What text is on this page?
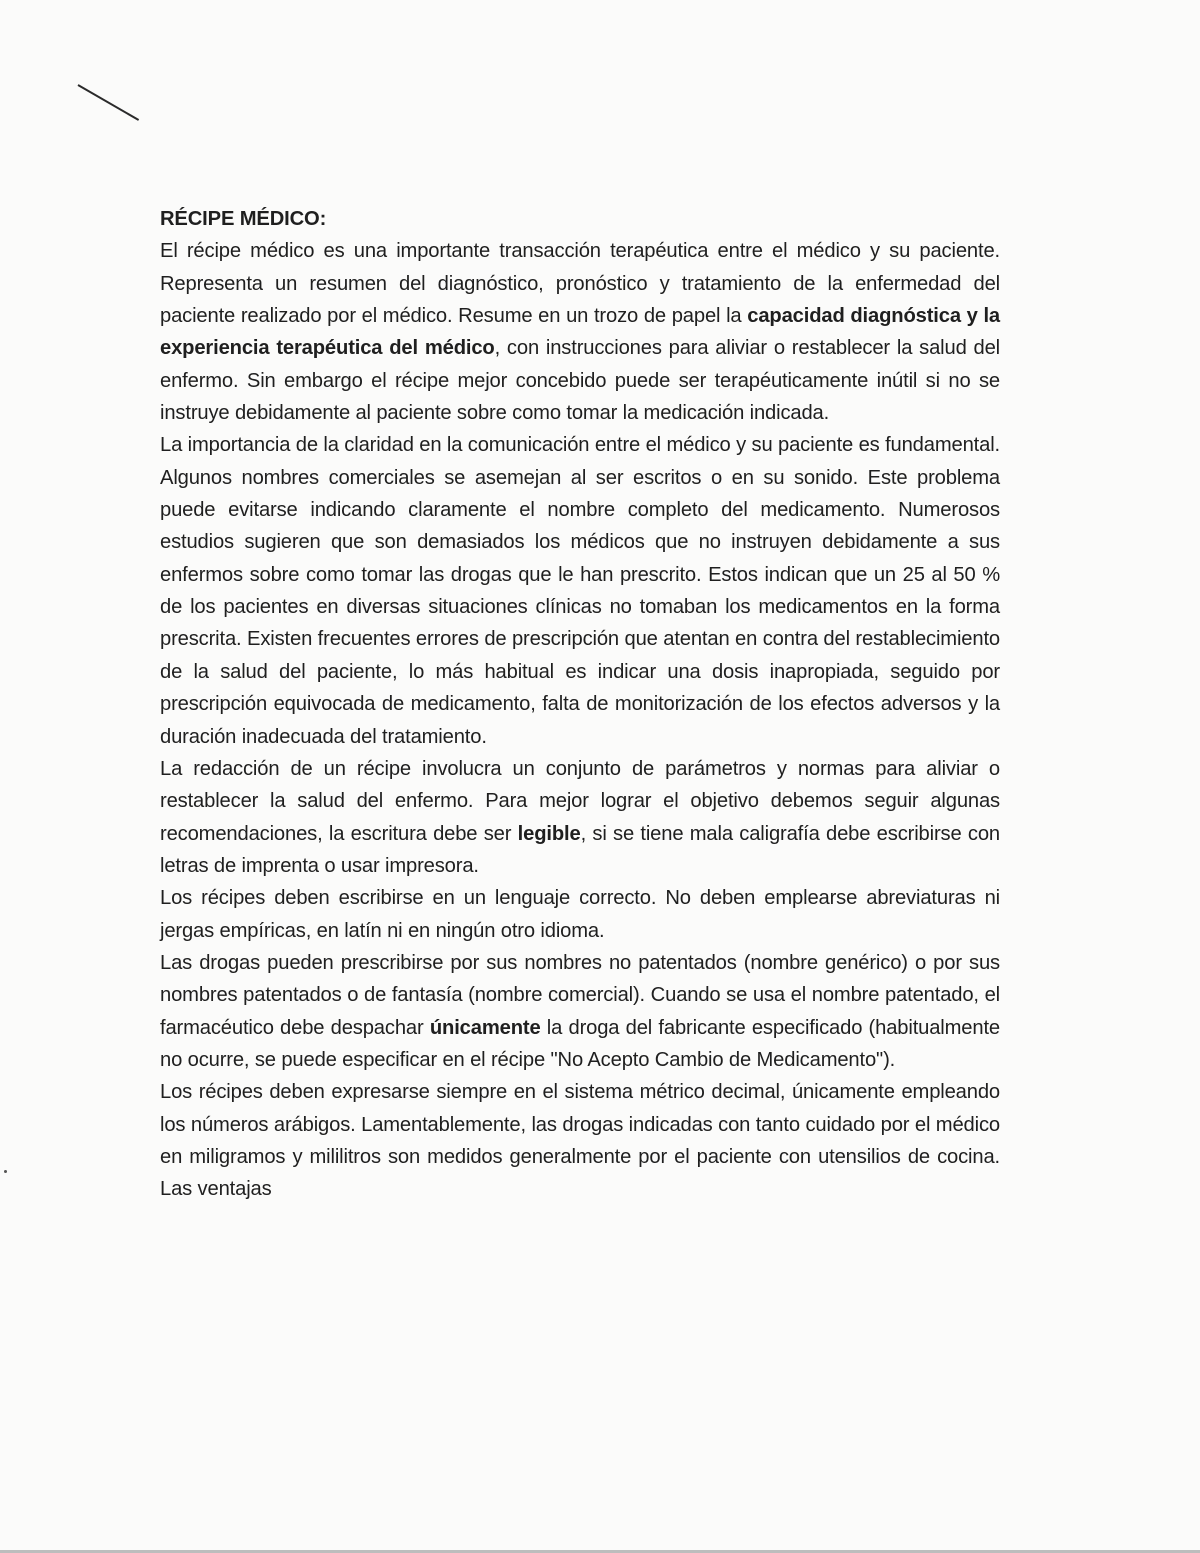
RÉCIPE MÉDICO:

El récipe médico es una importante transacción terapéutica entre el médico y su paciente. Representa un resumen del diagnóstico, pronóstico y tratamiento de la enfermedad del paciente realizado por el médico. Resume en un trozo de papel la capacidad diagnóstica y la experiencia terapéutica del médico, con instrucciones para aliviar o restablecer la salud del enfermo. Sin embargo el récipe mejor concebido puede ser terapéuticamente inútil si no se instruye debidamente al paciente sobre como tomar la medicación indicada.

La importancia de la claridad en la comunicación entre el médico y su paciente es fundamental. Algunos nombres comerciales se asemejan al ser escritos o en su sonido. Este problema puede evitarse indicando claramente el nombre completo del medicamento. Numerosos estudios sugieren que son demasiados los médicos que no instruyen debidamente a sus enfermos sobre como tomar las drogas que le han prescrito. Estos indican que un 25 al 50 % de los pacientes en diversas situaciones clínicas no tomaban los medicamentos en la forma prescrita. Existen frecuentes errores de prescripción que atentan en contra del restablecimiento de la salud del paciente, lo más habitual es indicar una dosis inapropiada, seguido por prescripción equivocada de medicamento, falta de monitorización de los efectos adversos y la duración inadecuada del tratamiento.

La redacción de un récipe involucra un conjunto de parámetros y normas para aliviar o restablecer la salud del enfermo. Para mejor lograr el objetivo debemos seguir algunas recomendaciones, la escritura debe ser legible, si se tiene mala caligrafía debe escribirse con letras de imprenta o usar impresora.

Los récipes deben escribirse en un lenguaje correcto. No deben emplearse abreviaturas ni jergas empíricas, en latín ni en ningún otro idioma.

Las drogas pueden prescribirse por sus nombres no patentados (nombre genérico) o por sus nombres patentados o de fantasía (nombre comercial). Cuando se usa el nombre patentado, el farmacéutico debe despachar únicamente la droga del fabricante especificado (habitualmente no ocurre, se puede especificar en el récipe "No Acepto Cambio de Medicamento").

Los récipes deben expresarse siempre en el sistema métrico decimal, únicamente empleando los números arábigos. Lamentablemente, las drogas indicadas con tanto cuidado por el médico en miligramos y mililitros son medidos generalmente por el paciente con utensilios de cocina. Las ventajas
